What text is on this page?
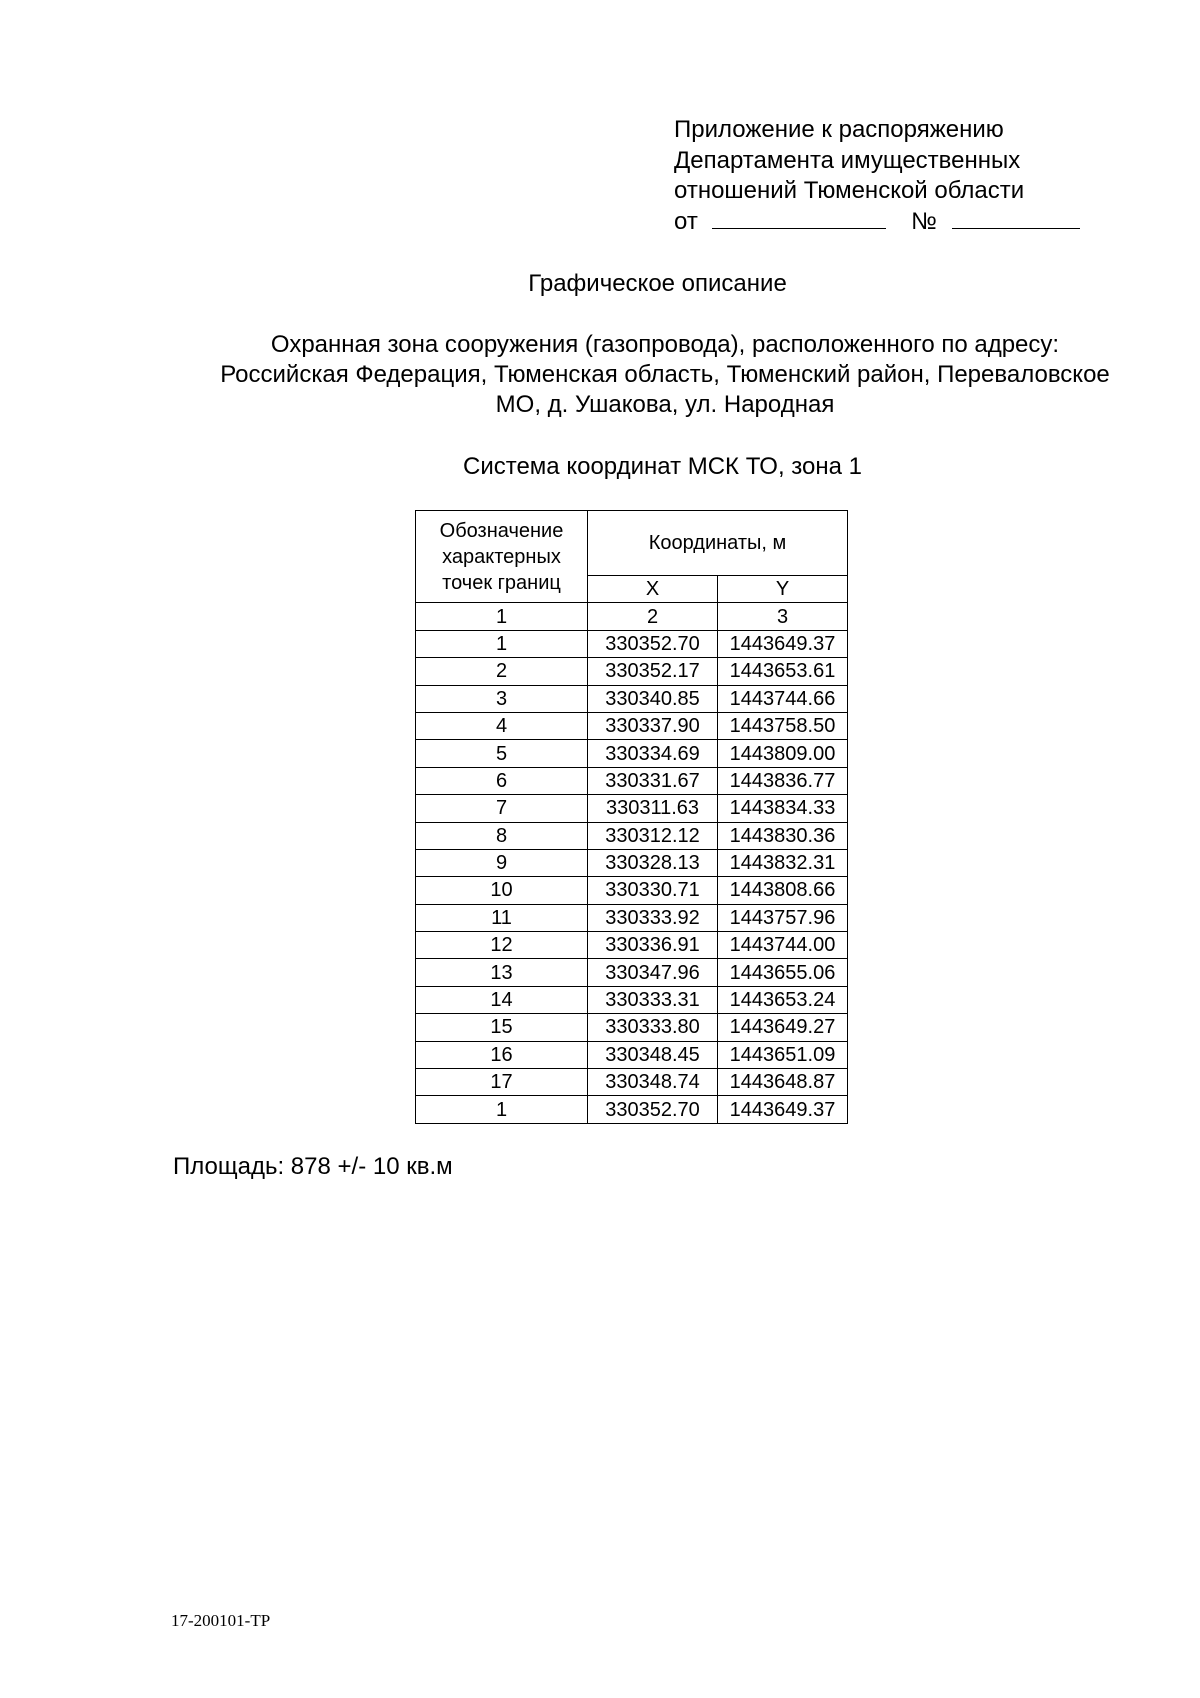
Приложение к распоряжению
Департамента имущественных
отношений Тюменской области
от	№
Графическое описание
Охранная зона сооружения (газопровода), расположенного по адресу:
Российская Федерация, Тюменская область, Тюменский район, Переваловское
МО, д. Ушакова, ул. Народная
Система координат МСК ТО, зона 1
Обозначение
характерных
точек границ	Координаты, м	
	X	Y
1	2	3
1	330352.70	1443649.37
2	330352.17	1443653.61
3	330340.85	1443744.66
4	330337.90	1443758.50
5	330334.69	1443809.00
6	330331.67	1443836.77
7	330311.63	1443834.33
8	330312.12	1443830.36
9	330328.13	1443832.31
10	330330.71	1443808.66
11	330333.92	1443757.96
12	330336.91	1443744.00
13	330347.96	1443655.06
14	330333.31	1443653.24
15	330333.80	1443649.27
16	330348.45	1443651.09
17	330348.74	1443648.87
1	330352.70	1443649.37
Площадь: 878 +/- 10 кв.м
17-200101-ТР
